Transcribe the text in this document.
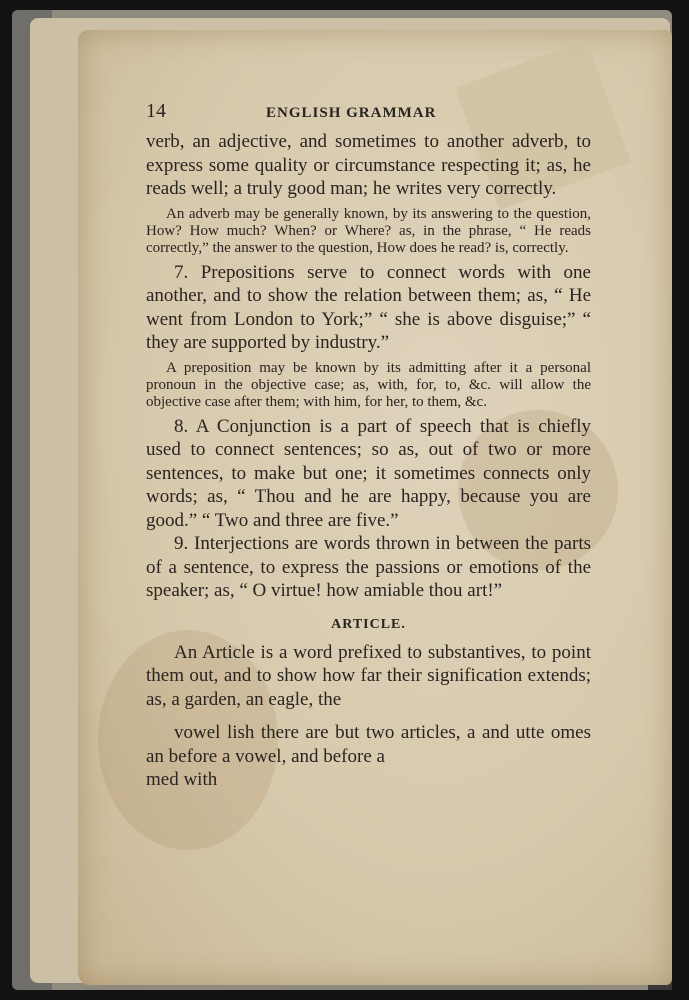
14	ENGLISH GRAMMAR

verb, an adjective, and sometimes to another adverb, to express some quality or circumstance respecting it; as, he reads well; a truly good man; he writes very correctly.

An adverb may be generally known, by its answering to the question, How? How much? When? or Where? as, in the phrase, “ He reads correctly,” the answer to the question, How does he read? is, correctly.

7. Prepositions serve to connect words with one another, and to show the relation between them; as, “ He went from London to York;” “ she is above disguise;” “ they are supported by industry.”

A preposition may be known by its admitting after it a personal pronoun in the objective case; as, with, for, to, &c. will allow the objective case after them; with him, for her, to them, &c.

8. A Conjunction is a part of speech that is chiefly used to connect sentences; so as, out of two or more sentences, to make but one; it sometimes connects only words; as, “ Thou and he are happy, because you are good.” “ Two and three are five.”

9. Interjections are words thrown in between the parts of a sentence, to express the passions or emotions of the speaker; as, “ O virtue! how amiable thou art!”

ARTICLE.

An Article is a word prefixed to substantives, to point them out, and to show how far their signification extends; as, a garden, an eagle, the

vowel lish there are but two articles, a and utte omes an before a vowel, and before a

med with
